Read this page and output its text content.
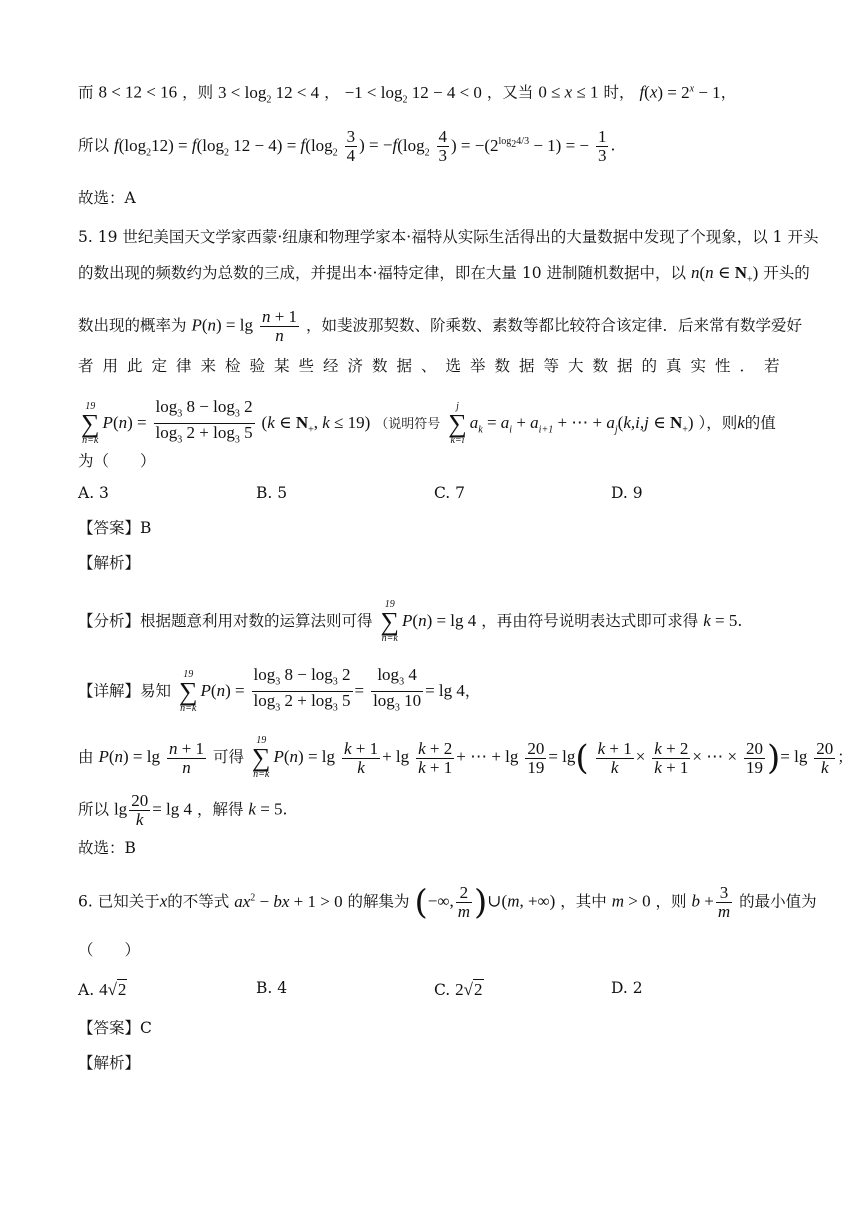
而 8 < 12 < 16 ，则 $3 < \log_2 12 < 4$ ， $-1 < \log_2 12 - 4 < 0$ ，又当 0 ≤ x ≤ 1 时， $f(x) = 2^x - 1$，
所以 $f(\log_212) = f(\log_2$ $12 - 4) = f(\log_2 \frac{3}{4}$ ) = $-f(\log_2 \frac{4}{3}$ ) = $-(2^{log_24/3} - 1)$ = − $\frac{1}{3}$ .
故选：A
5. 19 世纪美国天文学家西蒙·纽康和物理学家本·福特从实际生活得出的大量数据中发现了个现象，以 1 开头
的数出现的频数约为总数的三成，并提出本·福特定律，即在大量 10 进制随机数据中，以 n(n ∈ $N_+$) 开头的
数出现的概率为 $P(n) = \lg \frac{n + 1}{n}$ ，如斐波那契数、阶乘数、素数等都比较符合该定律．后来常有数学爱好
者用此定律来检验某些经济数据、选举数据等大数据的真实性．若
19
∑
n=k
$P(n) = \frac{\log_3 8 - \log_3 2}{\log_3 2 + \log_3 5} (k$ ∈ $N_+$, k ≤ 19) （说明符号
j
∑
k=i
$a_k = a_i + a_{i+1}$ + ⋯ + $a_j(k,i,j$ ∈ $N_+$) ），则k的值
为（　　）
A. 3	B. 5	C. 7	D. 9
【答案】B
【解析】
【分析】根据题意利用对数的运算法则可得
19
∑
n=k
P(n) = lg 4 ，再由符号说明表达式即可求得 k = 5.
【详解】易知
19
∑
n=k
$P(n) = \frac{\log_3 8 - \log_3 2}{\log_3 2 + \log_3 5} = \frac{\log_3 4}{\log_3 10} = \lg 4$，
由 $P(n) = \lg \frac{n + 1}{n}$ 可得
19
∑
n=k
$P(n) = \lg \frac{k + 1}{k} + \lg \frac{k + 2}{k + 1}$ + ⋯ + $\lg \frac{20}{19} = \lg( \frac{k + 1}{k} \times \frac{k + 2}{k + 1}$ × ⋯ × $\frac{20}{19}$ )= $\lg \frac{20}{k}$ ；
所以 $\lg \frac{20}{k} = \lg 4$ ，解得 k = 5.
故选：B
6. 已知关于x的不等式 $ax^2$ − bx + 1 > 0 的解集为 (−∞, $\frac{2}{m}$ )∪(m, +∞) ，其中 m > 0 ，则 $b + \frac{3}{m}$ 的最小值为
（　　）
A. 4√2	B. 4	C. 2√2	D. 2
【答案】C
【解析】
